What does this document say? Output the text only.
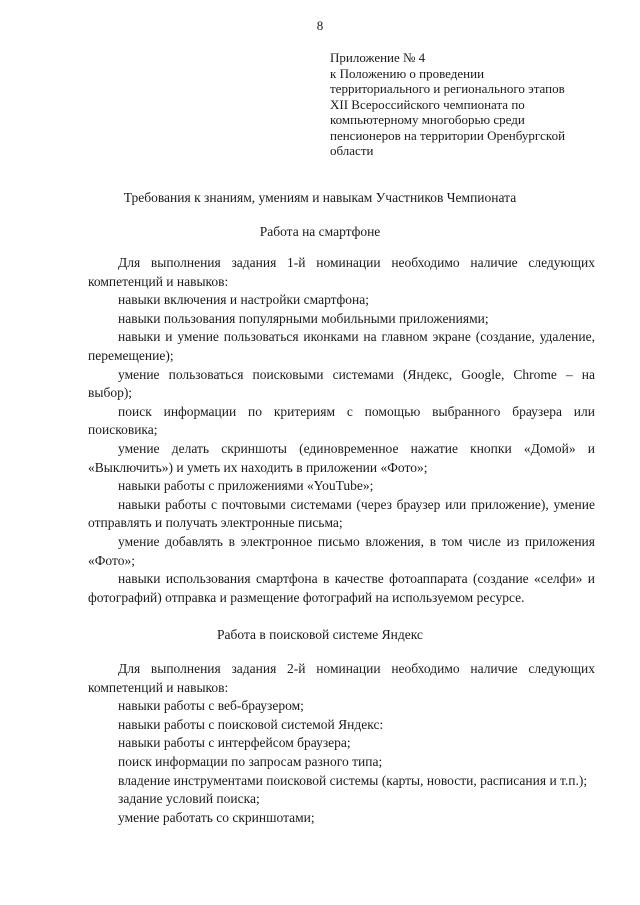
8
Приложение № 4
к Положению о проведении
территориального и регионального этапов
XII Всероссийского чемпионата по
компьютерному многоборью среди
пенсионеров на территории Оренбургской
области
Требования к знаниям, умениям и навыкам Участников Чемпионата
Работа на смартфоне

Для выполнения задания 1-й номинации необходимо наличие следующих компетенций и навыков:

навыки включения и настройки смартфона;

навыки пользования популярными мобильными приложениями;

навыки и умение пользоваться иконками на главном экране (создание, удаление, перемещение);

умение пользоваться поисковыми системами (Яндекс, Google, Chrome – на выбор);

поиск информации по критериям с помощью выбранного браузера или поисковика;

умение делать скриншоты (единовременное нажатие кнопки «Домой» и «Выключить») и уметь их находить в приложении «Фото»;

навыки работы с приложениями «YouTube»;

навыки работы с почтовыми системами (через браузер или приложение), умение отправлять и получать электронные письма;

умение добавлять в электронное письмо вложения, в том числе из приложения «Фото»;

навыки использования смартфона в качестве фотоаппарата (создание «селфи» и фотографий) отправка и размещение фотографий на используемом ресурсе.

Работа в поисковой системе Яндекс

Для выполнения задания 2-й номинации необходимо наличие следующих компетенций и навыков:

навыки работы с веб-браузером;

навыки работы с поисковой системой Яндекс:

навыки работы с интерфейсом браузера;

поиск информации по запросам разного типа;

владение инструментами поисковой системы (карты, новости, расписания и т.п.);

задание условий поиска;

умение работать со скриншотами;
